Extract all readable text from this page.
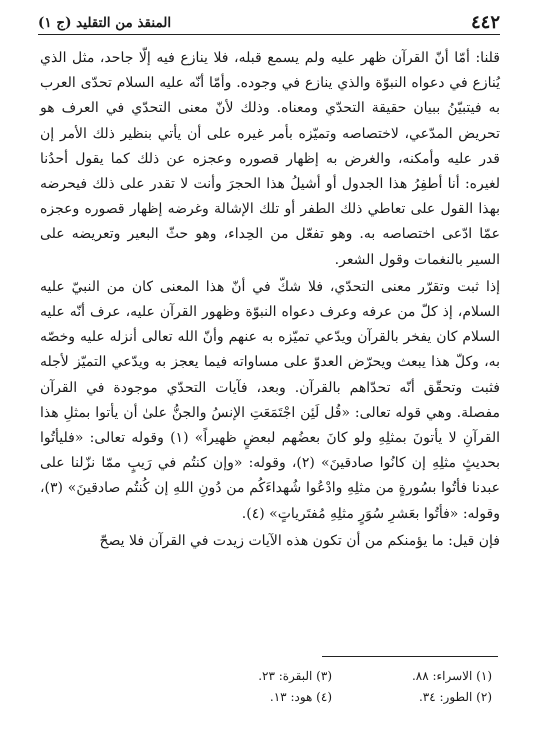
٤٤٢
المنقذ من التقليد (ج ١)

قلنا: أمّا أنّ القرآن ظهر عليه ولم يسمع قبله، فلا ينازع فيه إلّا جاحد، مثل الذي يُنازع في دعواه النبوّة والذي ينازع في وجوده. وأمّا أنّه عليه السلام تحدّى العرب به فيتبيّنُ ببيان حقيقة التحدّي ومعناه. وذلك لأنّ معنى التحدّي في العرف هو تحريض المدّعي، لاختصاصه وتميّزه بأمر غيره على أن يأتي بنظير ذلك الأمر إن قدر عليه وأمكنه، والغرض به إظهار قصوره وعجزه عن ذلك كما يقول أحدُنا لغيره: أنا أطفِرُ هذا الجدول أو أشيلُ هذا الحجرَ وأنت لا تقدر على ذلك فيحرضه بهذا القول على تعاطي ذلك الطفر أو تلك الإشالة وغرضه إظهار قصوره وعجزه عمّا ادّعى اختصاصه به. وهو تفعّل من الحِداء، وهو حثّ البعير وتعريضه على السير بالنغمات وقول الشعر.

إذا ثبت وتقرّر معنى التحدّي، فلا شكّ في أنّ هذا المعنى كان من النبيّ عليه السلام، إذ كلّ من عرفه وعرف دعواه النبوّة وظهور القرآن عليه، عرف أنّه عليه السلام كان يفخر بالقرآن ويدّعي تميّزه به عنهم وأنّ الله تعالى أنزله عليه وخصّه به، وكلّ هذا يبعث ويحرّض العدوّ على مساواته فيما يعجز به ويدّعي التميّز لأجله فثبت وتحقّق أنّه تحدّاهم بالقرآن. وبعد، فآيات التحدّي موجودة في القرآن مفصلة. وهي قوله تعالى: «قُل لَئِن اجْتَمَعَتِ الإنسُ والجنُّ علىٰ أن يأتوا بمثلِ هذا القرآنِ لا يأتونَ بمثلِهِ ولو كانَ بعضُهم لبعضٍ ظهيراً» (١) وقوله تعالى: «فليأتُوا بحديثٍ مثلِهِ إن كانُوا صادقينَ» (٢)، وقوله: «وإن كنتُم في رَيبٍ ممّا نزّلنا على عبدنا فأتُوا بسُورةٍ من مثلِهِ وادْعُوا شُهداءَكُم من دُونِ اللهِ إن كُنتُم صادقينَ» (٣)، وقوله: «فأتُوا بعَشرِ سُوَرٍ مثلِهِ مُفتَرياتٍ» (٤).

فإن قيل: ما يؤمنكم من أن تكون هذه الآيات زيدت في القرآن فلا يصحّ

(١) الاسراء: ٨٨.
(٢) الطور: ٣٤.
(٣) البقرة: ٢٣.
(٤) هود: ١٣.
